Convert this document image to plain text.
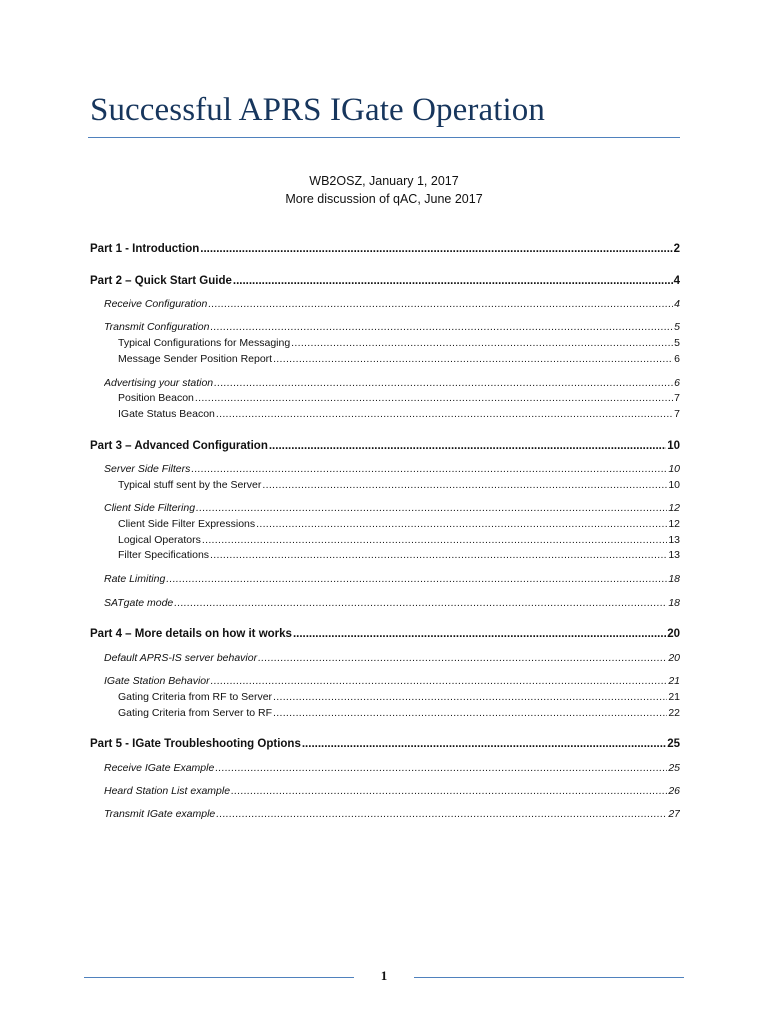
Successful APRS IGate Operation
WB2OSZ, January 1, 2017
More discussion of qAC, June 2017
Part 1 - Introduction .....	2
Part 2 – Quick Start Guide .....	4
Receive Configuration .....	4
Transmit Configuration .....	5
Typical Configurations for Messaging .....	5
Message Sender Position Report .....	6
Advertising your station .....	6
Position Beacon .....	7
IGate Status Beacon .....	7
Part 3 – Advanced Configuration .....	10
Server Side Filters .....	10
Typical stuff sent by the Server .....	10
Client Side Filtering .....	12
Client Side Filter Expressions .....	12
Logical Operators .....	13
Filter Specifications .....	13
Rate Limiting .....	18
SATgate mode .....	18
Part 4 – More details on how it works .....	20
Default APRS-IS server behavior .....	20
IGate Station Behavior .....	21
Gating Criteria from RF to Server .....	21
Gating Criteria from Server to RF .....	22
Part 5 - IGate Troubleshooting Options .....	25
Receive IGate Example .....	25
Heard Station List example .....	26
Transmit IGate example .....	27
1
